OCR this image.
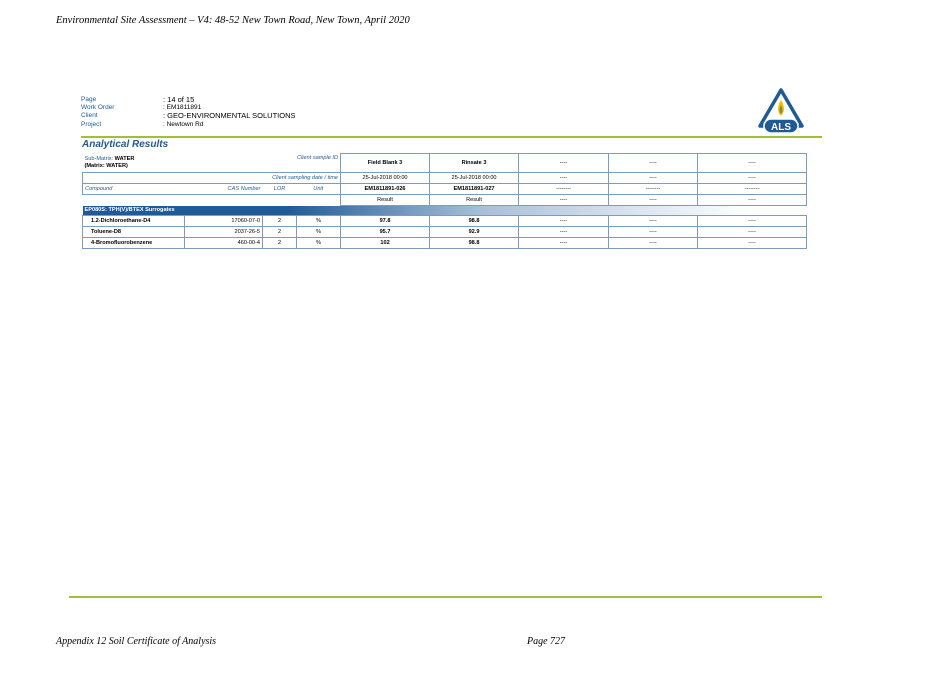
Environmental Site Assessment – V4: 48-52 New Town Road, New Town, April 2020
Page	: 14 of 15
Work Order	: EM1811891
Client	: GEO-ENVIRONMENTAL SOLUTIONS
Project	: Newtown Rd	ALS
Analytical Results
Sub-Matrix: WATER
(Matrix: WATER)		Client sample ID		Field Blank 3	Rinsate 3	----	----	----
Client sampling date / time				25-Jul-2018 00:00	25-Jul-2018 00:00	----	----	----
Compound	CAS Number	LOR	Unit	EM1811891-026	EM1811891-027	--------	--------	--------
				Result	Result	----	----	----
EP080S: TPH(V)/BTEX Surrogates								
1.2-Dichloroethane-D4	17060-07-0	2	%	97.8	98.8	----	----	----
Toluene-D8	2037-26-5	2	%	95.7	92.9	----	----	----
4-Bromofluorobenzene	460-00-4	2	%	102	98.8	----	----	----
Appendix 12 Soil Certificate of Analysis	Page 727
